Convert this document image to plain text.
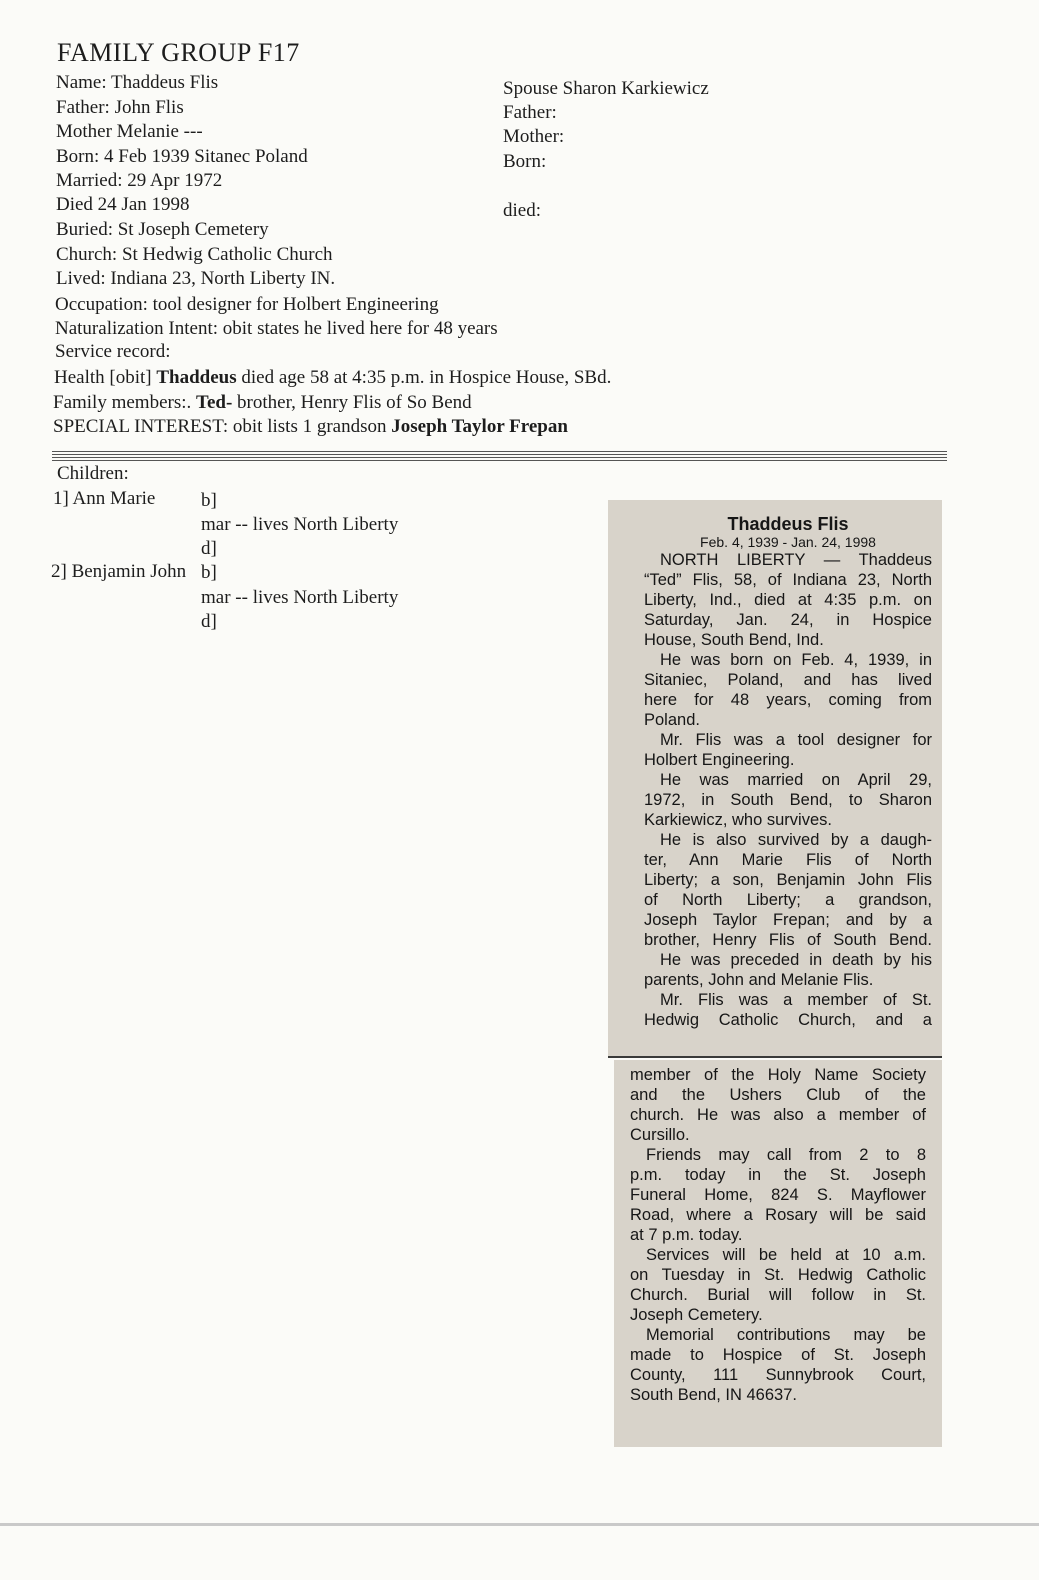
FAMILY GROUP F17
Name: Thaddeus Flis
Father: John Flis
Mother Melanie ---
Born: 4 Feb 1939 Sitanec Poland
Married: 29 Apr 1972
Died 24 Jan 1998
Buried: St Joseph Cemetery
Church: St Hedwig Catholic Church
Lived: Indiana 23, North Liberty IN.
Occupation: tool designer for Holbert Engineering
Naturalization Intent: obit states he lived here for 48 years
Service record:
Health [obit] Thaddeus died age 58 at 4:35 p.m. in Hospice House, SBd.
Family members:. Ted- brother, Henry Flis of So Bend
SPECIAL INTEREST: obit lists 1 grandson Joseph Taylor Frepan
Spouse Sharon Karkiewicz
Father:
Mother:
Born:
died:
Children:
1] Ann Marie b]
mar -- lives North Liberty
d]
2] Benjamin John b]
mar -- lives North Liberty
d]
Thaddeus Flis
Feb. 4, 1939 - Jan. 24, 1998
NORTH LIBERTY — Thaddeus
“Ted” Flis, 58, of Indiana 23, North
Liberty, Ind., died at 4:35 p.m. on
Saturday, Jan. 24, in Hospice
House, South Bend, Ind.
He was born on Feb. 4, 1939, in
Sitaniec, Poland, and has lived
here for 48 years, coming from
Poland.
Mr. Flis was a tool designer for
Holbert Engineering.
He was married on April 29,
1972, in South Bend, to Sharon
Karkiewicz, who survives.
He is also survived by a daugh-
ter, Ann Marie Flis of North
Liberty; a son, Benjamin John Flis
of North Liberty; a grandson,
Joseph Taylor Frepan; and by a
brother, Henry Flis of South Bend.
He was preceded in death by his
parents, John and Melanie Flis.
Mr. Flis was a member of St.
Hedwig Catholic Church, and a
member of the Holy Name Society
and the Ushers Club of the
church. He was also a member of
Cursillo.
Friends may call from 2 to 8
p.m. today in the St. Joseph
Funeral Home, 824 S. Mayflower
Road, where a Rosary will be said
at 7 p.m. today.
Services will be held at 10 a.m.
on Tuesday in St. Hedwig Catholic
Church. Burial will follow in St.
Joseph Cemetery.
Memorial contributions may be
made to Hospice of St. Joseph
County, 111 Sunnybrook Court,
South Bend, IN 46637.
